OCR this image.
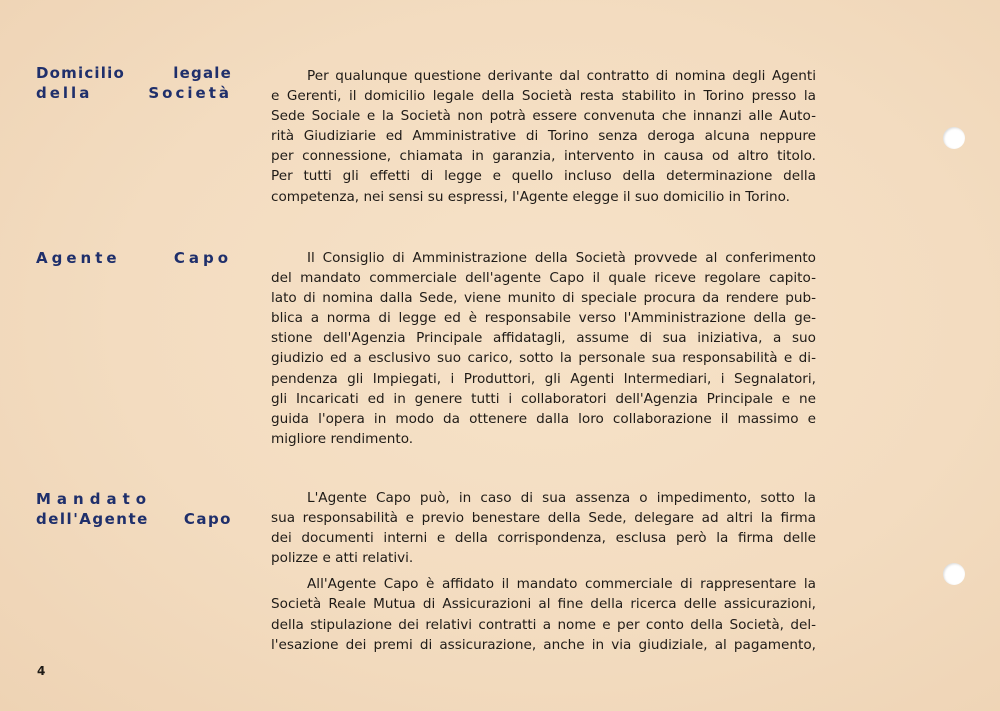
Domicilio legale
della Società
Per qualunque questione derivante dal contratto di nomina degli Agenti
e Gerenti, il domicilio legale della Società resta stabilito in Torino presso la
Sede Sociale e la Società non potrà essere convenuta che innanzi alle Auto-
rità Giudiziarie ed Amministrative di Torino senza deroga alcuna neppure
per connessione, chiamata in garanzia, intervento in causa od altro titolo.
Per tutti gli effetti di legge e quello incluso della determinazione della
competenza, nei sensi su espressi, l'Agente elegge il suo domicilio in Torino.
Agente Capo	Il Consiglio di Amministrazione della Società provvede al conferimento
del mandato commerciale dell'agente Capo il quale riceve regolare capito-
lato di nomina dalla Sede, viene munito di speciale procura da rendere pub-
blica a norma di legge ed è responsabile verso l'Amministrazione della ge-
stione dell'Agenzia Principale affidatagli, assume di sua iniziativa, a suo
giudizio ed a esclusivo suo carico, sotto la personale sua responsabilità e di-
pendenza gli Impiegati, i Produttori, gli Agenti Intermediari, i Segnalatori,
gli Incaricati ed in genere tutti i collaboratori dell'Agenzia Principale e ne
guida l'opera in modo da ottenere dalla loro collaborazione il massimo e
migliore rendimento.
Mandato
dell'Agente Capo
L'Agente Capo può, in caso di sua assenza o impedimento, sotto la
sua responsabilità e previo benestare della Sede, delegare ad altri la firma
dei documenti interni e della corrispondenza, esclusa però la firma delle
polizze e atti relativi.
All'Agente Capo è affidato il mandato commerciale di rappresentare la
Società Reale Mutua di Assicurazioni al fine della ricerca delle assicurazioni,
della stipulazione dei relativi contratti a nome e per conto della Società, del-
l'esazione dei premi di assicurazione, anche in via giudiziale, al pagamento,
4
